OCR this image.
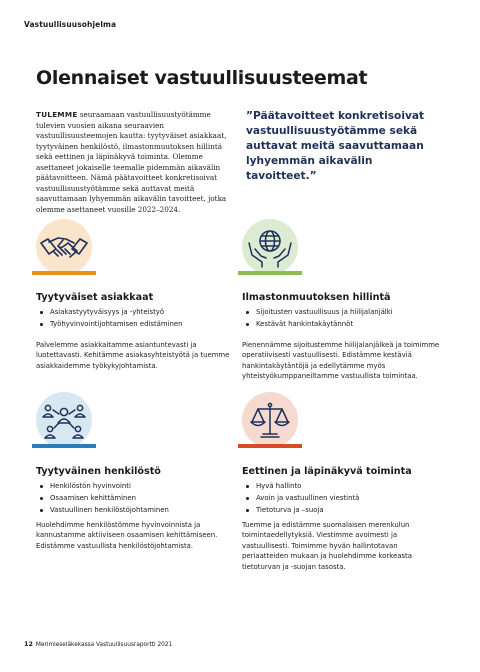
Vastuullisuusohjelma
Olennaiset vastuullisuusteemat

TULEMME seuraamaan vastuullisuustyötämme tulevien vuosien aikana seuraavien vastuullisuusteemojen kautta: tyytyväiset asiakkaat, tyytyväinen henkilöstö, ilmastonmuutoksen hillintä sekä eettinen ja läpinäkyvä toiminta. Olemme asettaneet jokaiselle teemalle pidemmän aikavälin päätavoitteen. Nämä päätavoitteet konkretisoivat vastuullisuustyötämme sekä auttavat meitä saavuttamaan lyhyemmän aikavälin tavoitteet, jotka olemme asettaneet vuosille 2022–2024.

”Päätavoitteet konkretisoivat vastuullisuustyötämme sekä auttavat meitä saavuttamaan lyhyemmän aikavälin tavoitteet.”

Tyytyväiset asiakkaat
Asiakastyytyväisyys ja -yhteistyö
Työhyvinvointijohtamisen edistäminen

Palvelemme asiakkaitamme asiantuntevasti ja luotettavasti. Kehitämme asiakasyhteistyötä ja tuemme asiakkaidemme työkykyjohtamista.

Ilmastonmuutoksen hillintä
Sijoitusten vastuullisuus ja hiilijalanjälki
Kestävät hankintakäytännöt

Pienennämme sijoitustemme hiilijalanjälkeä ja toimimme operatiivisesti vastuullisesti. Edistämme kestäviä hankintakäytäntöjä ja edellytämme myös yhteistyökumppaneiltamme vastuullista toimintaa.

Tyytyväinen henkilöstö
Henkilöstön hyvinvointi
Osaamisen kehittäminen
Vastuullinen henkilöstöjohtaminen

Huolehdimme henkilöstömme hyvinvoinnista ja kannustamme aktiiviseen osaamisen kehittämiseen. Edistämme vastuullista henkilöstöjohtamista.

Eettinen ja läpinäkyvä toiminta
Hyvä hallinto
Avoin ja vastuullinen viestintä
Tietoturva ja –suoja

Tuemme ja edistämme suomalaisen merenkulun toimintaedellytyksiä. Viestimme avoimesti ja vastuullisesti. Toimimme hyvän hallintotavan periaatteiden mukaan ja huolehdimme korkeasta tietoturvan ja -suojan tasosta.

12 Merimieseläkekassa Vastuullisuusraportti 2021
